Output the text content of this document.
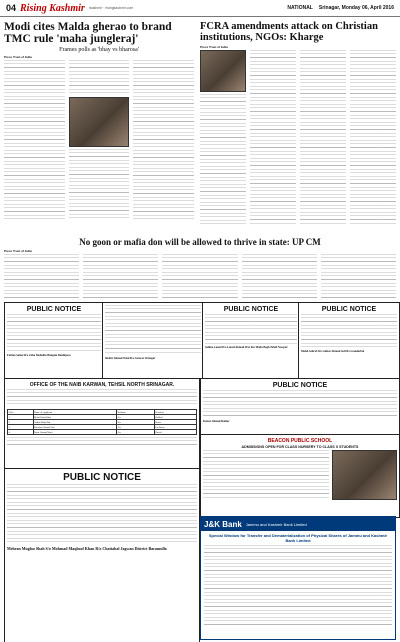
04 Rising Kashmir rkashmir · risingkashmir.com	NATIONAL Srinagar, Monday 06, April 2016
Modi cites Malda gherao to brand TMC rule 'maha jungleraj'
Frames polls as 'bhay vs bharosa'
Press Trust of India
FCRA amendments attack on Christian institutions, NGOs: Kharge
Press Trust of India
No goon or mafia don will be allowed to thrive in state: UP CM
Press Trust of India
PUBLIC NOTICE
Fatima Saleet R/o Zoha Mohalla Mangam Bandipora
Shabir Ahmad Wani R/o Sonwar Srinagar
PUBLIC NOTICE
Sahina Lateef D/o Lateef Ahmad War R/o Malla Bagh Tehsil Nowpur
PUBLIC NOTICE
Mohd Ashraf D/o Gulzar Ahmad Sofi R/o Ganderbal
OFFICE OF THE NAIB KARWAN, TEHSIL NORTH SRINAGAR.
S.No	Name of Applicant	Relation	Resident
1	Mohd Rafiq Bhat	S/o	Zadibal
2	Abdul Majid Dar	S/o	Soura
3	Showkat Ahmad Sofi	S/o	Lal Bazar
4	Nazir Ahmad Wani	S/o	Hawal
PUBLIC NOTICE
Kaisar Ahmad Rather
BEACON PUBLIC SCHOOL
ADMISSIONS OPEN FOR CLASS NURSERY TO CLASS X STUDENTS
PUBLIC NOTICE
Mehran Mugloo Shah S/o Mohmad Maqbool Khan R/o Chattabal Jagwan District Baramulla
J&K Bank Jammu and Kashmir Bank Limited
Special Window for Transfer and Dematerialization of Physical Shares of Jammu and Kashmir Bank Limited
